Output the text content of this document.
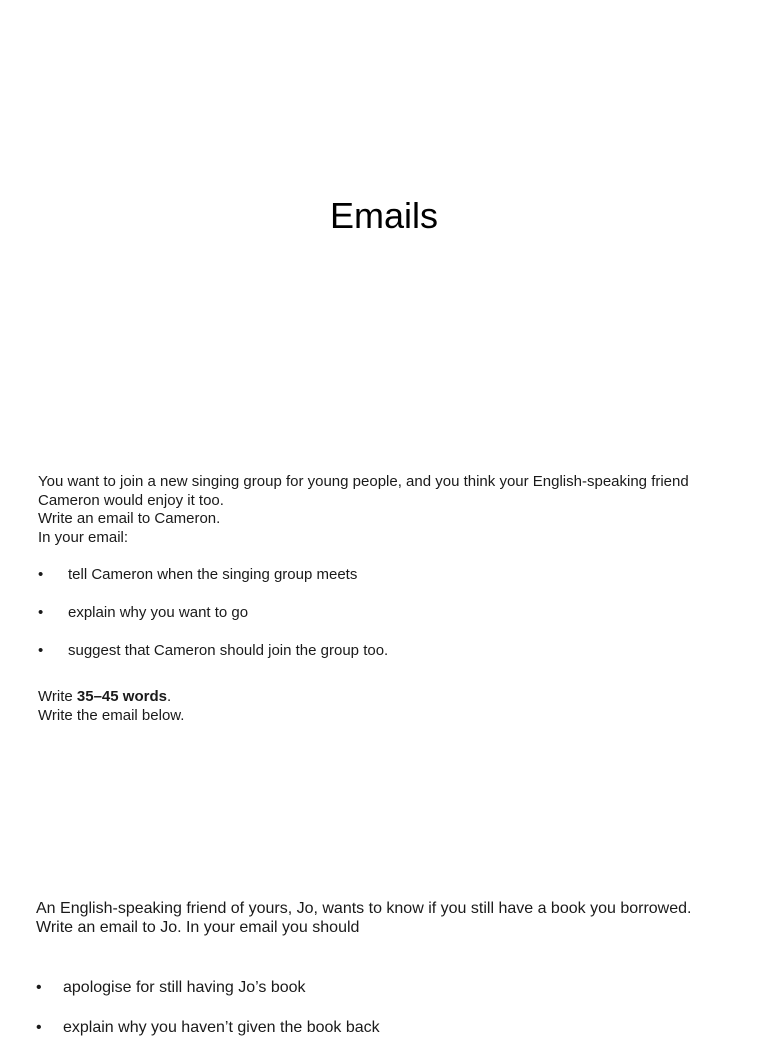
Emails
You want to join a new singing group for young people, and you think your English-speaking friend
Cameron would enjoy it too.
Write an email to Cameron.
In your email:
• tell Cameron when the singing group meets
• explain why you want to go
• suggest that Cameron should join the group too.
Write 35–45 words.
Write the email below.
An English-speaking friend of yours, Jo, wants to know if you still have a book you borrowed.
Write an email to Jo. In your email you should
• apologise for still having Jo’s book
• explain why you haven’t given the book back
